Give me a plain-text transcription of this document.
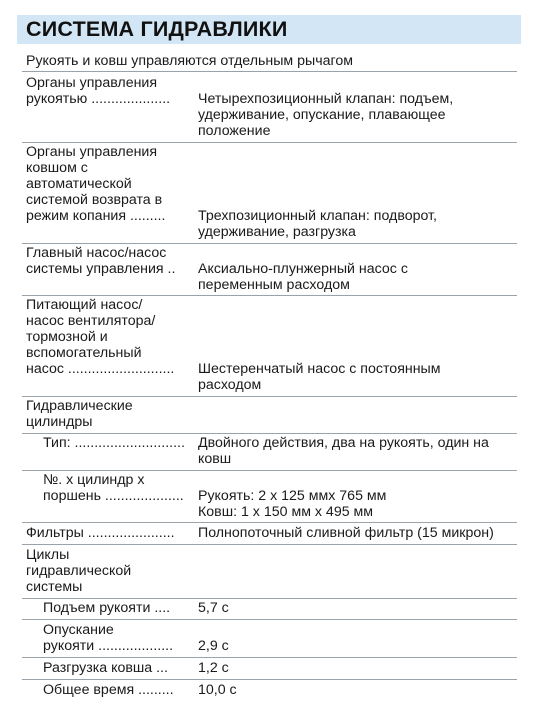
СИСТЕМА ГИДРАВЛИКИ
Рукоять и ковш управляются отдельным рычагом
Органы управления
рукоятью .................... Четырехпозиционный клапан: подъем,
удерживание, опускание, плавающее
положение
Органы управления
ковшом с
автоматической
системой возврата в
режим копания ......... Трехпозиционный клапан: подворот,
удерживание, разгрузка
Главный насос/насос
системы управления .. Аксиально-плунжерный насос с
переменным расходом
Питающий насос/
насос вентилятора/
тормозной и
вспомогательный
насос ........................... Шестеренчатый насос с постоянным
расходом
Гидравлические
цилиндры
Тип: ............................ Двойного действия, два на рукоять, один на
ковш
№. x цилиндр x
поршень .................... Рукоять: 2 x 125 ммx 765 мм
Ковш: 1 x 150 мм x 495 мм
Фильтры ...................... Полнопоточный сливной фильтр (15 микрон)
Циклы
гидравлической
системы
Подъем рукояти .... 5,7 с
Опускание
рукояти ................... 2,9 с
Разгрузка ковша ... 1,2 с
Общее время ......... 10,0 с
